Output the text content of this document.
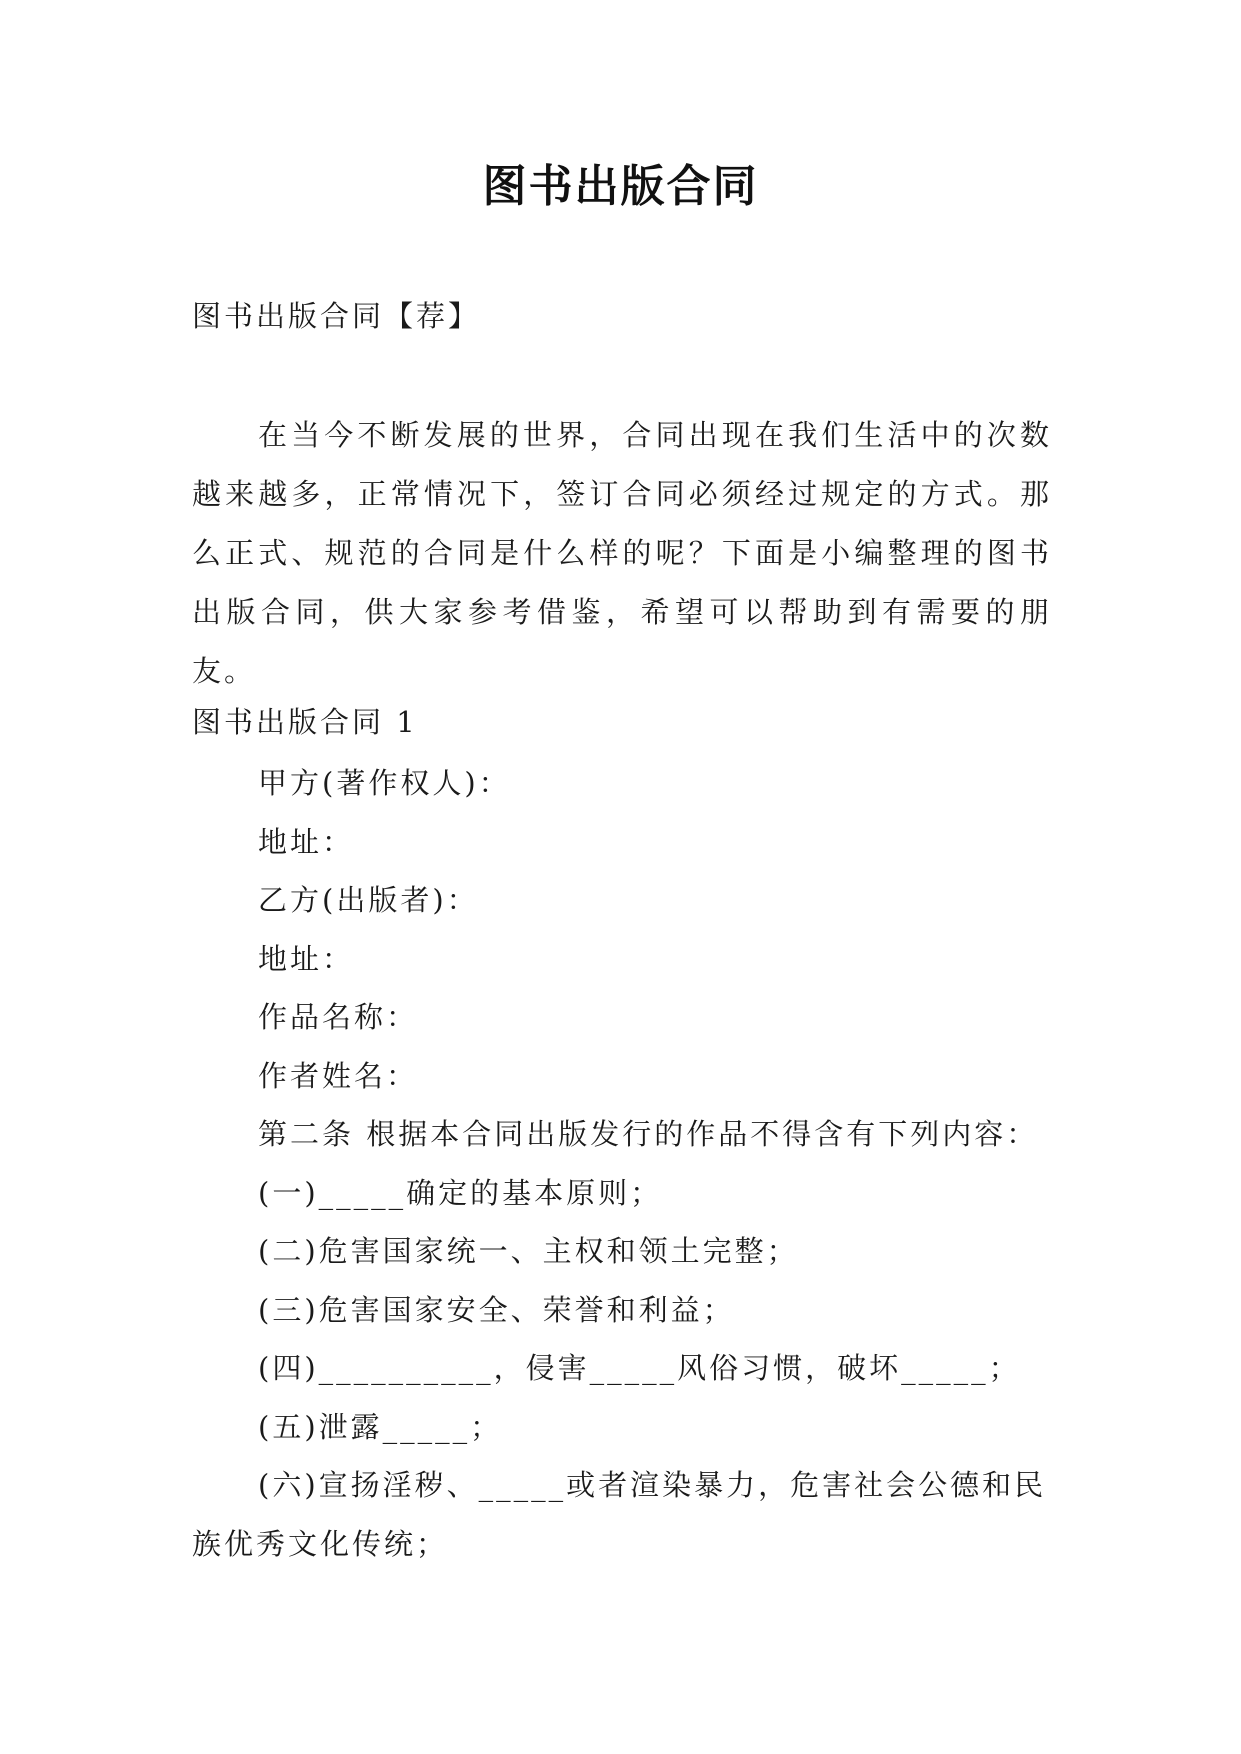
图书出版合同

图书出版合同【荐】

在当今不断发展的世界，合同出现在我们生活中的次数越来越多，正常情况下，签订合同必须经过规定的方式。那么正式、规范的合同是什么样的呢？下面是小编整理的图书出版合同，供大家参考借鉴，希望可以帮助到有需要的朋友。

图书出版合同 1

甲方(著作权人)：
地址：
乙方(出版者)：
地址：
作品名称：
作者姓名：
第二条 根据本合同出版发行的作品不得含有下列内容：
(一)_____确定的基本原则；
(二)危害国家统一、主权和领土完整；
(三)危害国家安全、荣誉和利益；
(四)__________，侵害_____风俗习惯，破坏_____；
(五)泄露_____；
(六)宣扬淫秽、_____或者渲染暴力，危害社会公德和民族优秀文化传统；
